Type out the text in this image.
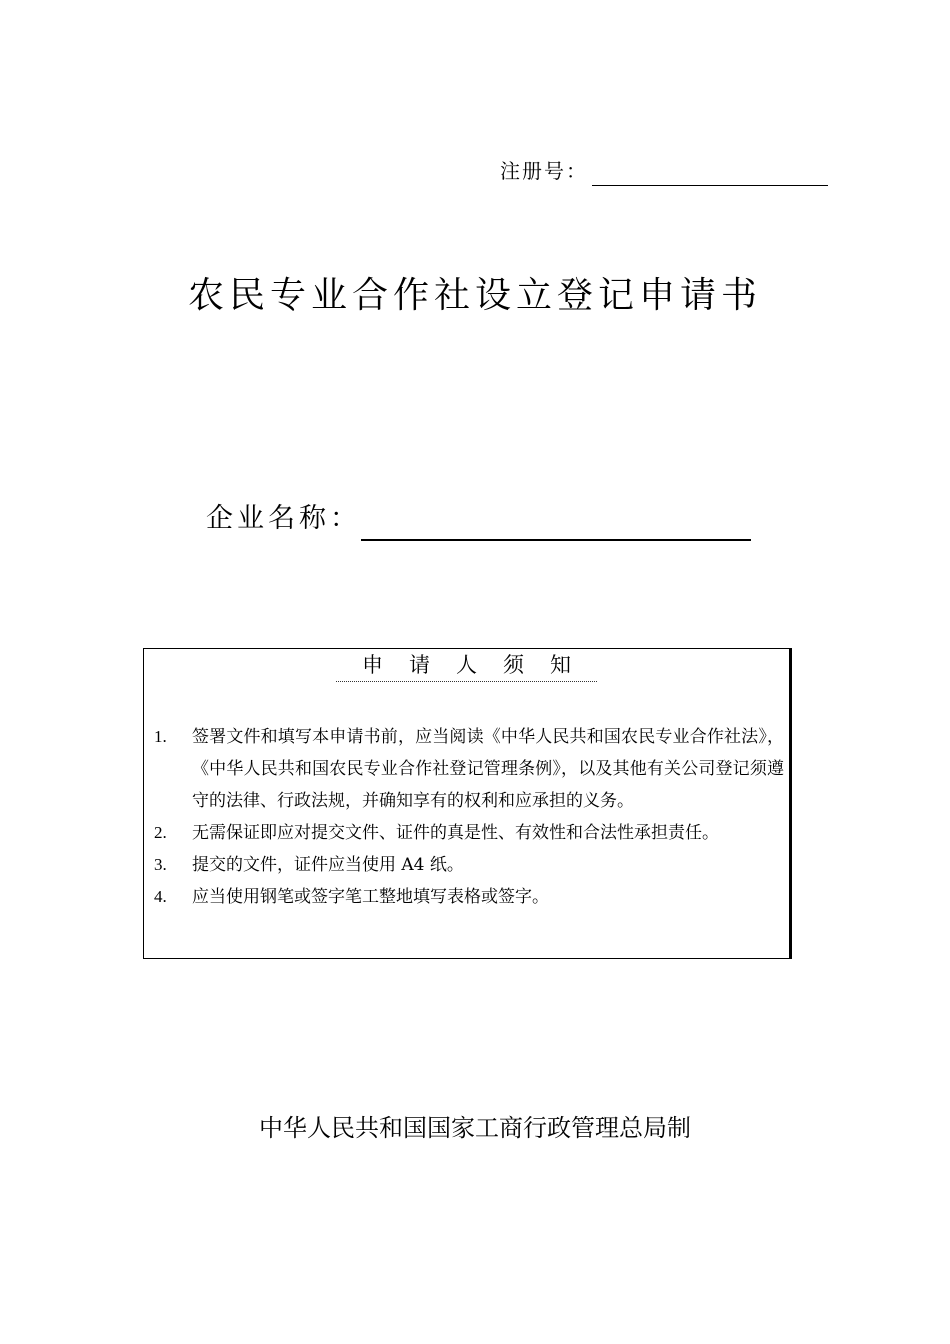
注册号：
农民专业合作社设立登记申请书
企业名称：
申请人须知
1.	签署文件和填写本申请书前，应当阅读《中华人民共和国农民专业合作社法》，《中华人民共和国农民专业合作社登记管理条例》，以及其他有关公司登记须遵守的法律、行政法规，并确知享有的权利和应承担的义务。
2.	无需保证即应对提交文件、证件的真是性、有效性和合法性承担责任。
3.	提交的文件，证件应当使用 A4 纸。
4.	应当使用钢笔或签字笔工整地填写表格或签字。
中华人民共和国国家工商行政管理总局制
